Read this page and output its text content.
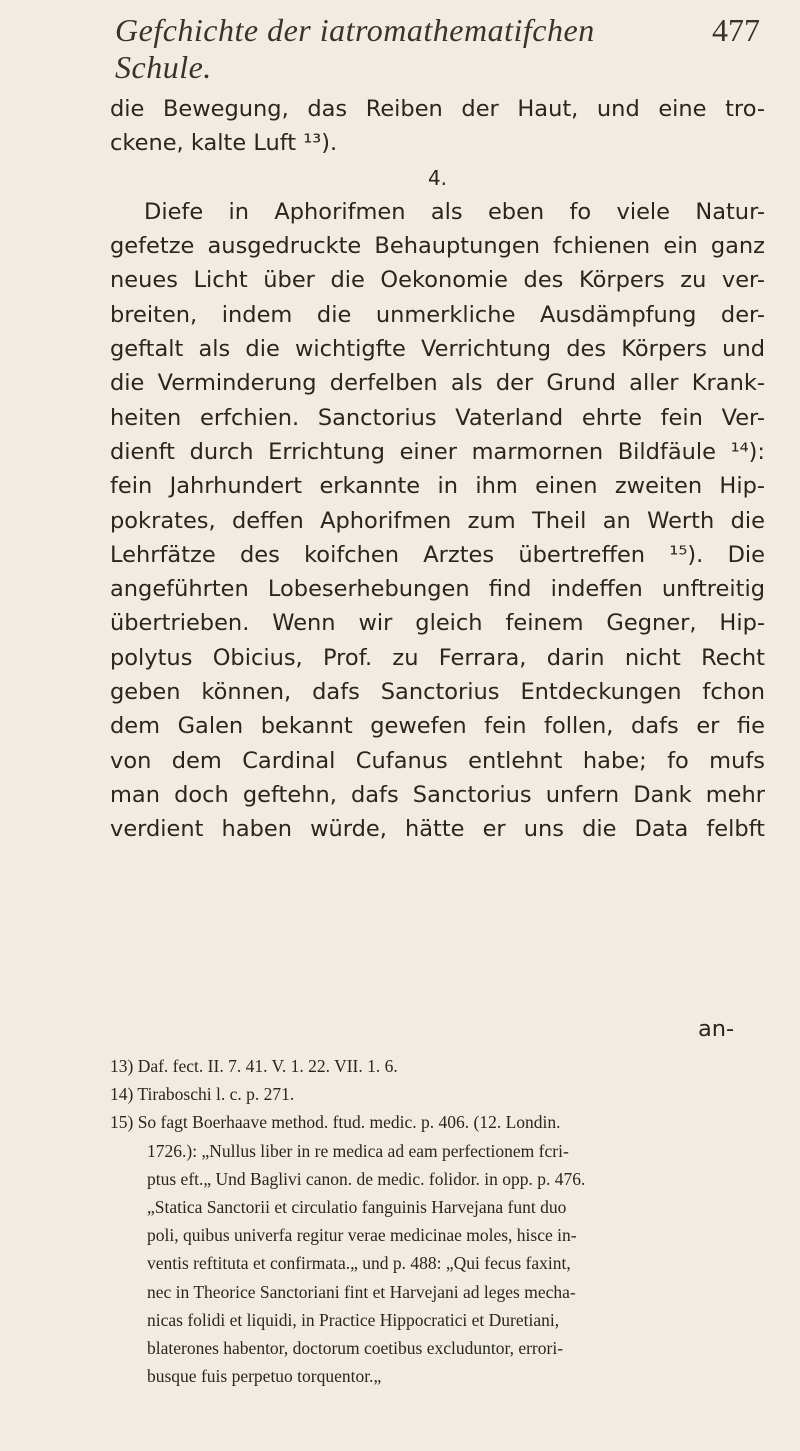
Gefchichte der iatromathematifchen Schule.
477
die Bewegung, das Reiben der Haut, und eine tro-
ckene, kalte Luft ¹³).
4.
Diefe in Aphorifmen als eben fo viele Natur-
gefetze ausgedruckte Behauptungen fchienen ein ganz
neues Licht über die Oekonomie des Körpers zu ver-
breiten, indem die unmerkliche Ausdämpfung der-
geftalt als die wichtigfte Verrichtung des Körpers und
die Verminderung derfelben als der Grund aller Krank-
heiten erfchien. Sanctorius Vaterland ehrte fein Ver-
dienft durch Errichtung einer marmornen Bildfäule ¹⁴):
fein Jahrhundert erkannte in ihm einen zweiten Hip-
pokrates, deffen Aphorifmen zum Theil an Werth die
Lehrfätze des koifchen Arztes übertreffen ¹⁵). Die
angeführten Lobeserhebungen find indeffen unftreitig
übertrieben. Wenn wir gleich feinem Gegner, Hip-
polytus Obicius, Prof. zu Ferrara, darin nicht Recht
geben können, dafs Sanctorius Entdeckungen fchon
dem Galen bekannt gewefen fein follen, dafs er fie
von dem Cardinal Cufanus entlehnt habe; fo mufs
man doch geftehn, dafs Sanctorius unfern Dank mehr
verdient haben würde, hätte er uns die Data felbft
an-
13) Daf. fect. II. 7. 41. V. 1. 22. VII. 1. 6.
14) Tiraboschi l. c. p. 271.
15) So fagt Boerhaave method. ftud. medic. p. 406. (12. Londin.
1726.): „Nullus liber in re medica ad eam perfectionem fcri-
ptus eft.„ Und Baglivi canon. de medic. folidor. in opp. p. 476.
„Statica Sanctorii et circulatio fanguinis Harvejana funt duo
poli, quibus univerfa regitur verae medicinae moles, hisce in-
ventis reftituta et confirmata.„ und p. 488: „Qui fecus faxint,
nec in Theorice Sanctoriani fint et Harvejani ad leges mecha-
nicas folidi et liquidi, in Practice Hippocratici et Duretiani,
blaterones habentor, doctorum coetibus excluduntor, errori-
busque fuis perpetuo torquentor.„
